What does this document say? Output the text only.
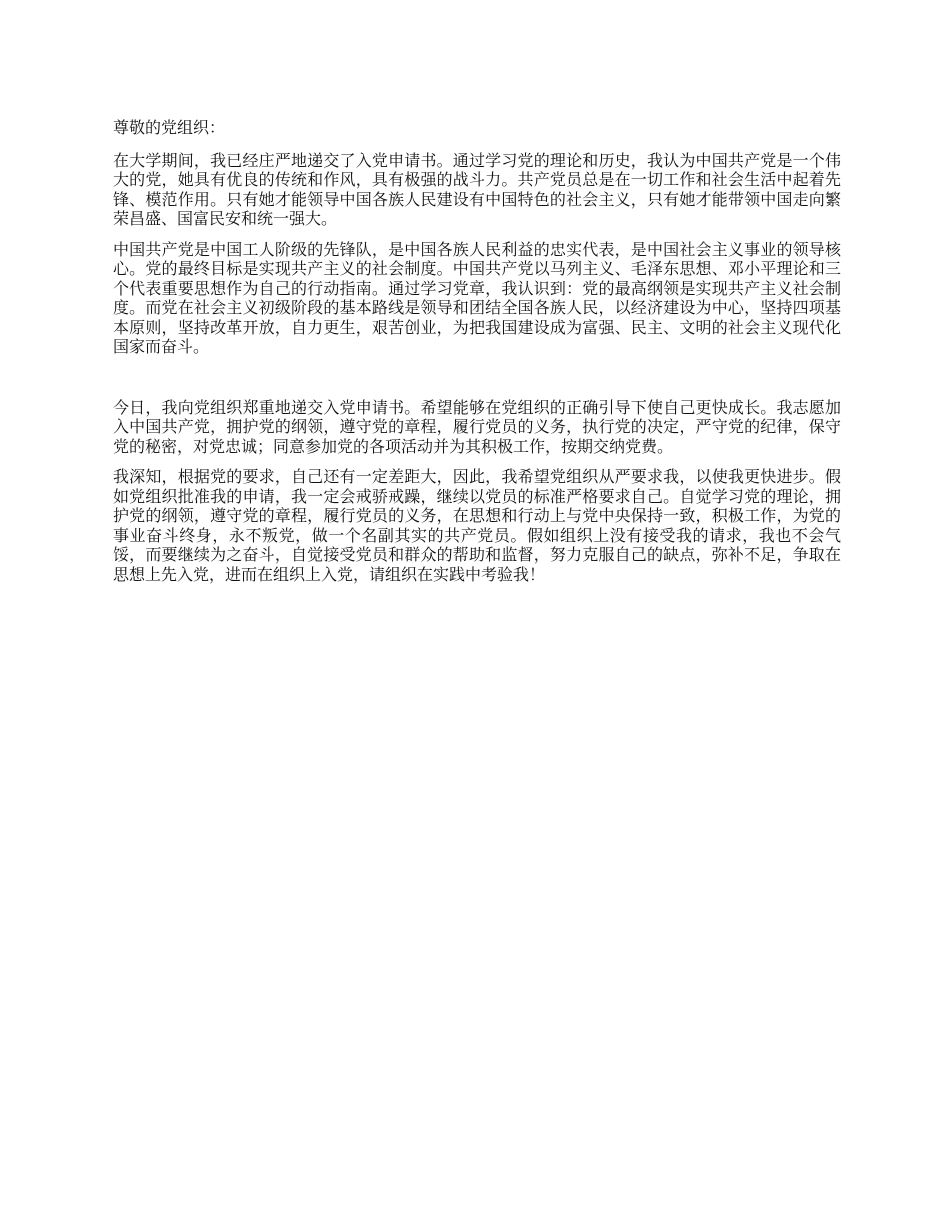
尊敬的党组织：

在大学期间，我已经庄严地递交了入党申请书。通过学习党的理论和历史，我认为中国共产党是一个伟大的党，她具有优良的传统和作风，具有极强的战斗力。共产党员总是在一切工作和社会生活中起着先锋、模范作用。只有她才能领导中国各族人民建设有中国特色的社会主义，只有她才能带领中国走向繁荣昌盛、国富民安和统一强大。

中国共产党是中国工人阶级的先锋队，是中国各族人民利益的忠实代表，是中国社会主义事业的领导核心。党的最终目标是实现共产主义的社会制度。中国共产党以马列主义、毛泽东思想、邓小平理论和三个代表重要思想作为自己的行动指南。通过学习党章，我认识到：党的最高纲领是实现共产主义社会制度。而党在社会主义初级阶段的基本路线是领导和团结全国各族人民，以经济建设为中心，坚持四项基本原则，坚持改革开放，自力更生，艰苦创业，为把我国建设成为富强、民主、文明的社会主义现代化国家而奋斗。

今日，我向党组织郑重地递交入党申请书。希望能够在党组织的正确引导下使自己更快成长。我志愿加入中国共产党，拥护党的纲领，遵守党的章程，履行党员的义务，执行党的决定，严守党的纪律，保守党的秘密，对党忠诚；同意参加党的各项活动并为其积极工作，按期交纳党费。

我深知，根据党的要求，自己还有一定差距大，因此，我希望党组织从严要求我，以使我更快进步。假如党组织批准我的申请，我一定会戒骄戒躁，继续以党员的标准严格要求自己。自觉学习党的理论，拥护党的纲领，遵守党的章程，履行党员的义务，在思想和行动上与党中央保持一致，积极工作，为党的事业奋斗终身，永不叛党，做一个名副其实的共产党员。假如组织上没有接受我的请求，我也不会气馁，而要继续为之奋斗，自觉接受党员和群众的帮助和监督，努力克服自己的缺点，弥补不足，争取在思想上先入党，进而在组织上入党，请组织在实践中考验我！
